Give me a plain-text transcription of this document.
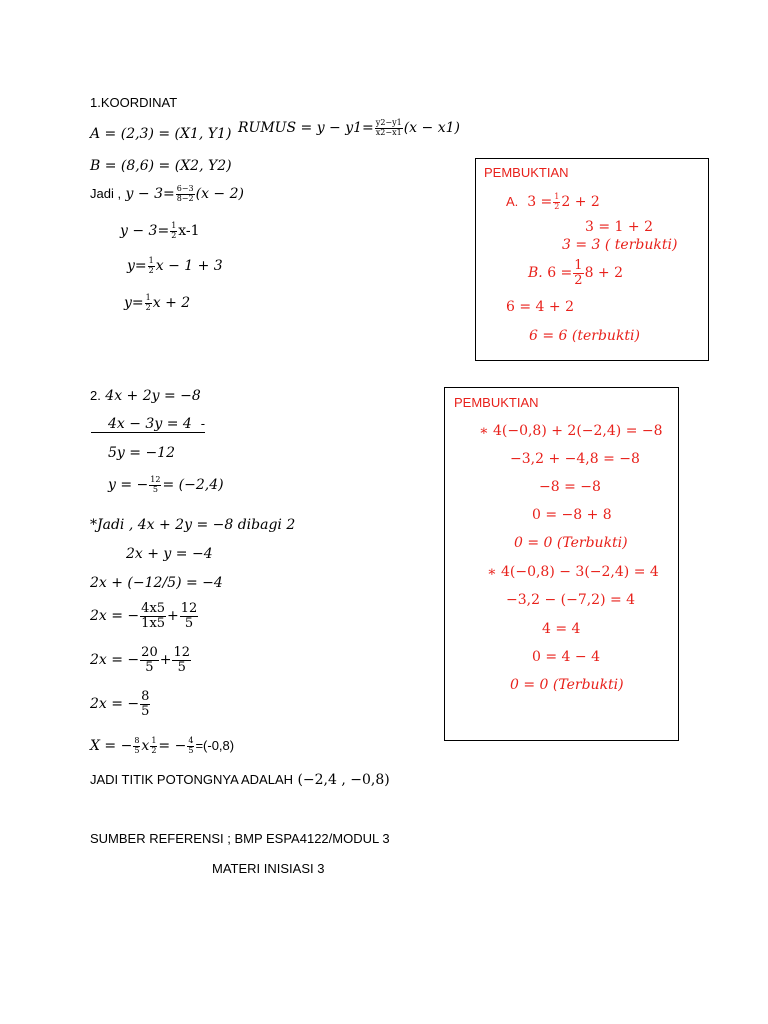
1.KOORDINAT
A = (2,3) = (X1, Y1) RUMUS = $y - y1= \frac{y2-y1}{x2-x1} (x - x1)$
B = (8,6) = (X2, Y2)
Jadi , $y - 3= \frac{6-3}{8-2} (x - 2)$
$y - 3= \frac{1}{2} x-1$
$y= \frac{1}{2}$ x − 1 + 3
$y= \frac{1}{2}$ x + 2
PEMBUKTIAN
A. $3 = \frac{1}{2} 2 + 2$
3 = 1 + 2
3 = 3 ( terbukti)
B. $6 = \frac{1}{2} 8 + 2$
6 = 4 + 2
6 = 6 (terbukti)
2. 4x + 2y = −8
4x − 3y = 4 -
5y = −12
y = − $\frac{12}{5} = (-2,4)$
*Jadi , 4x + 2y = −8 dibagi 2
2x + y = −4
2x + (−12/5) = −4
2x = − $\frac{4x5}{1x5} + \frac{12}{5}$
2x = − $\frac{20}{5} + \frac{12}{5}$
2x = − $\frac{8}{5}$
X = − $\frac{8}{5}$ x $\frac{1}{2}$ = − $\frac{4}{5} =(-0,8)$
JADI TITIK POTONGNYA ADALAH (−2,4 , −0,8)
PEMBUKTIAN
∗ 4(−0,8) + 2(−2,4) = −8
−3,2 + −4,8 = −8
−8 = −8
0 = −8 + 8
0 = 0 (Terbukti)
∗ 4(−0,8) − 3(−2,4) = 4
−3,2 − (−7,2) = 4
4 = 4
0 = 4 − 4
0 = 0 (Terbukti)
SUMBER REFERENSI ; BMP ESPA4122/MODUL 3
MATERI INISIASI 3
